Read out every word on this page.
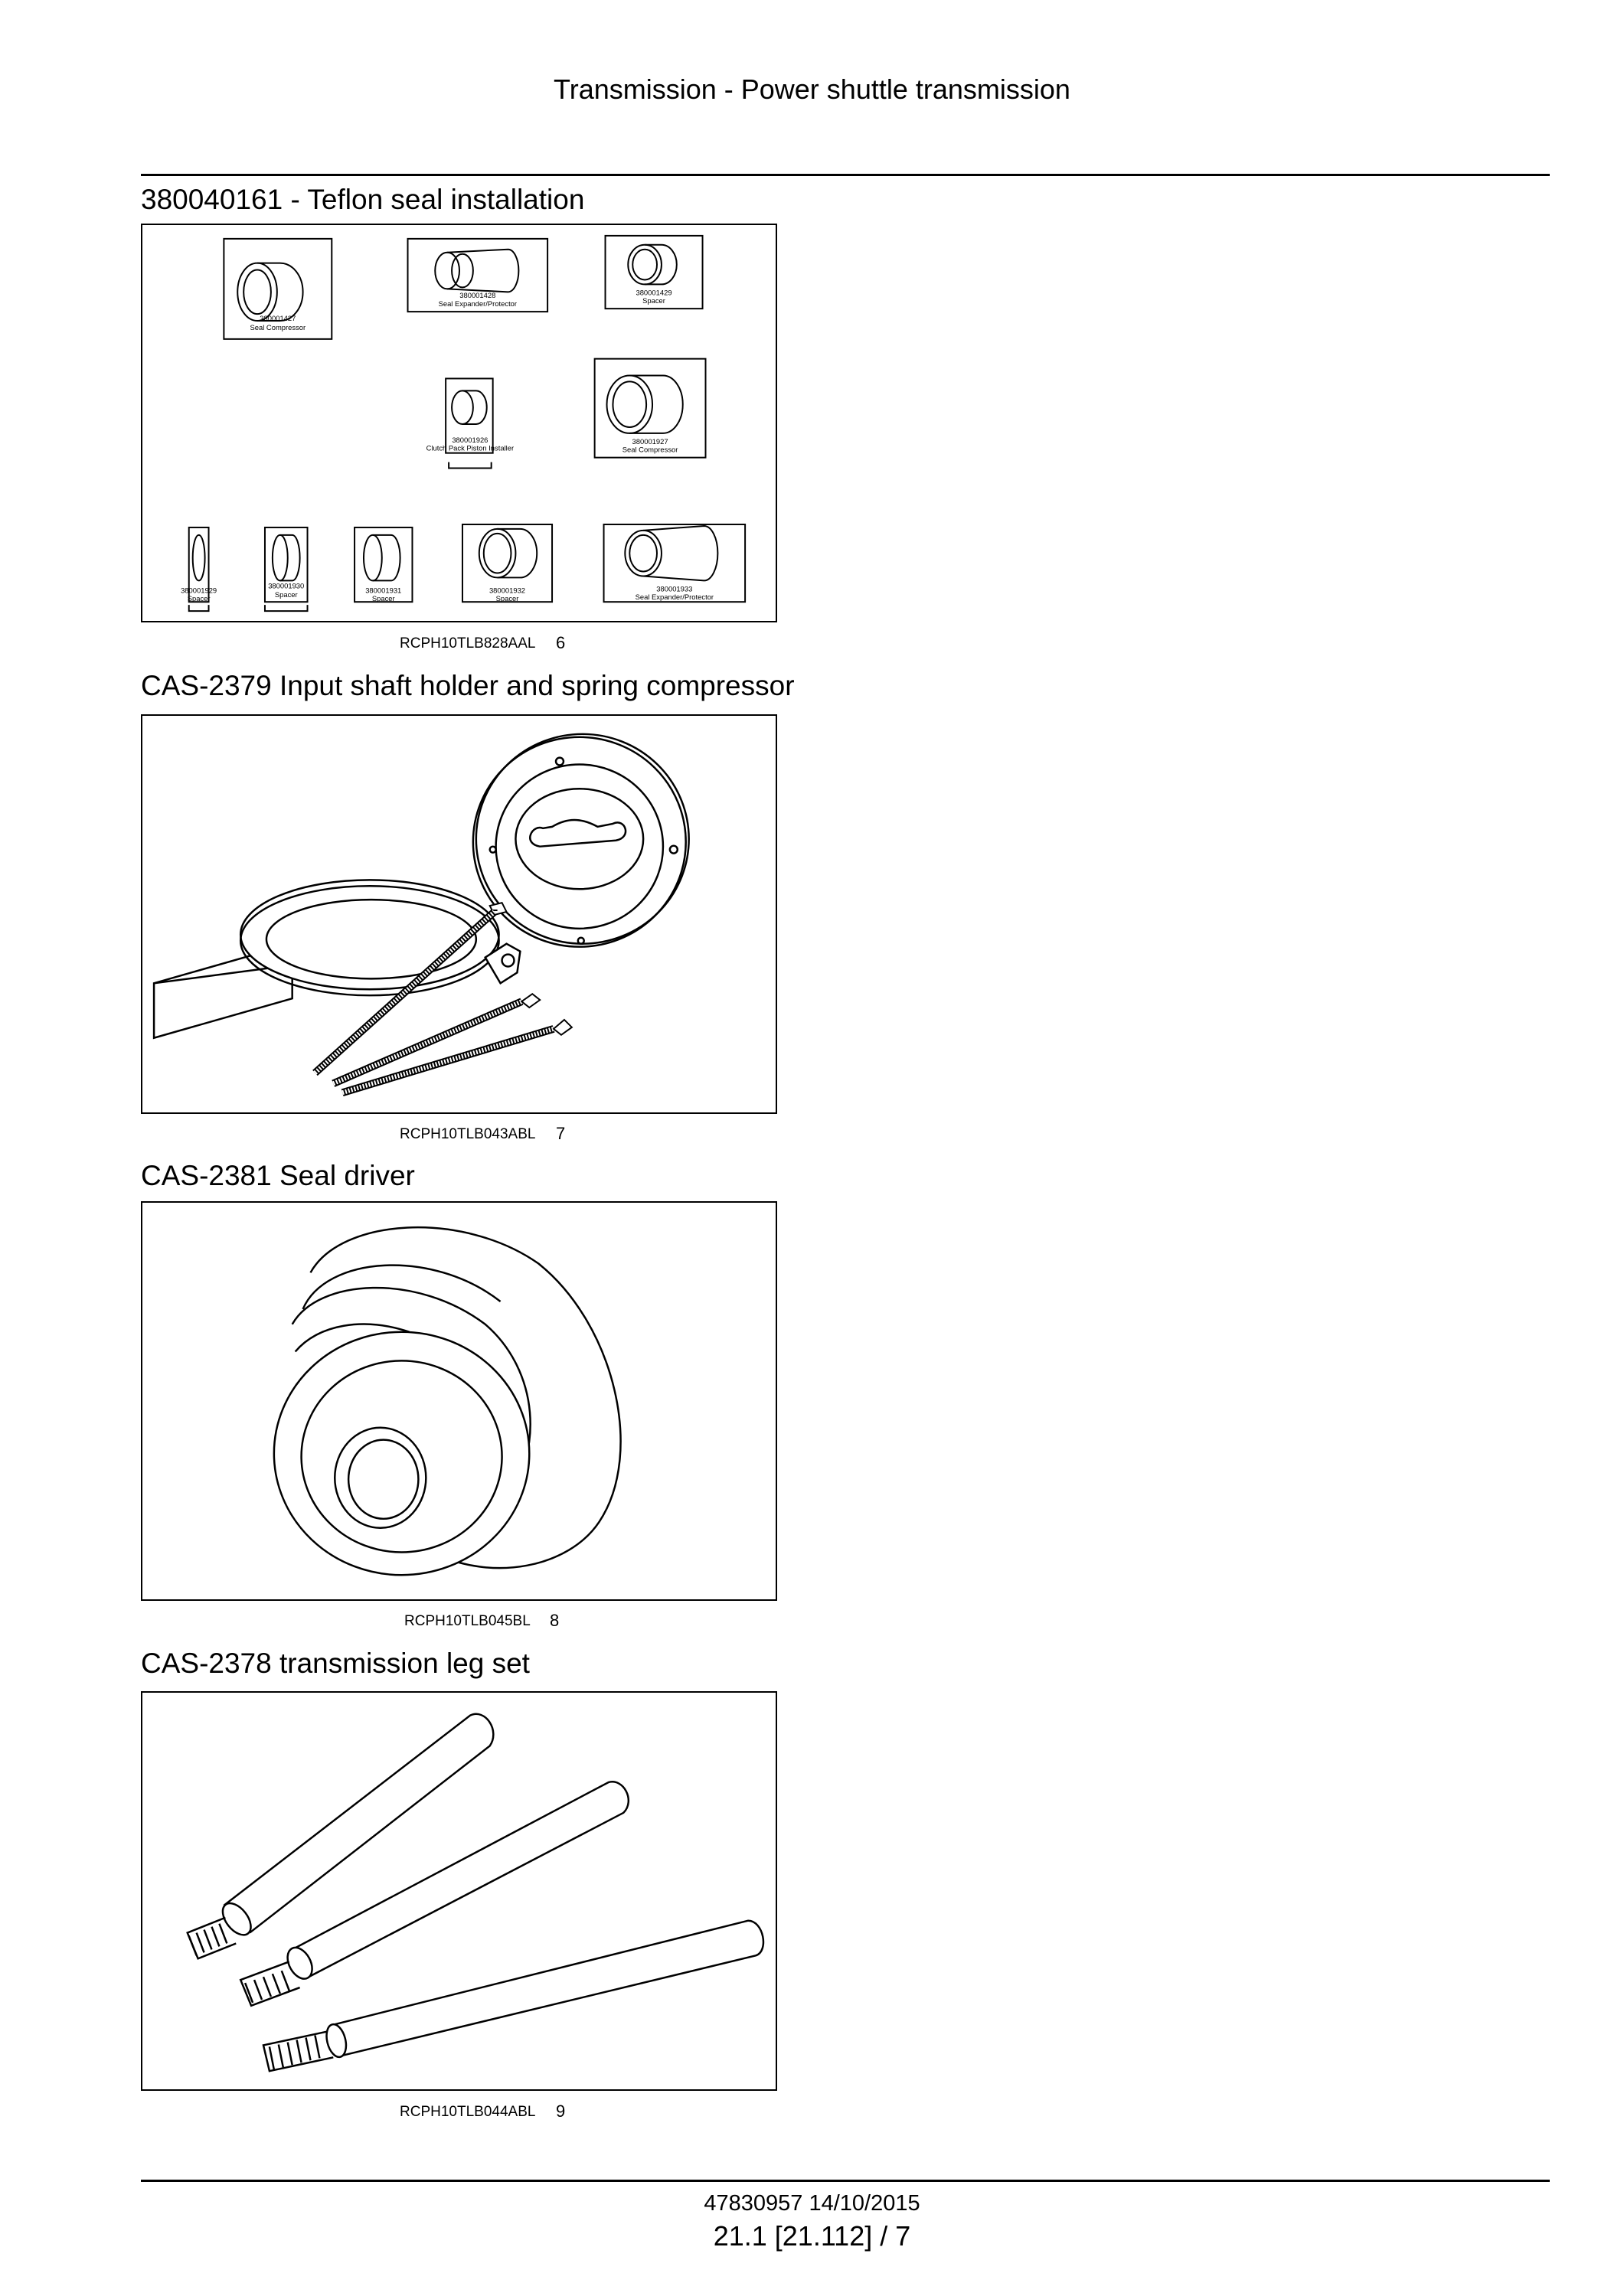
Transmission - Power shuttle transmission
380040161 - Teflon seal installation
380001427
Seal Compressor
380001428
Seal Expander/Protector
380001429
Spacer
380001926
Clutch Pack Piston Installer
380001927
Seal Compressor
380001929
Spacer
380001930
Spacer
380001931
Spacer
380001932
Spacer
380001933
Seal Expander/Protector
RCPH10TLB828AAL 6
CAS-2379 Input shaft holder and spring compressor
RCPH10TLB043ABL 7
CAS-2381 Seal driver
RCPH10TLB045BL 8
CAS-2378 transmission leg set
RCPH10TLB044ABL 9
47830957 14/10/2015
21.1 [21.112] / 7
